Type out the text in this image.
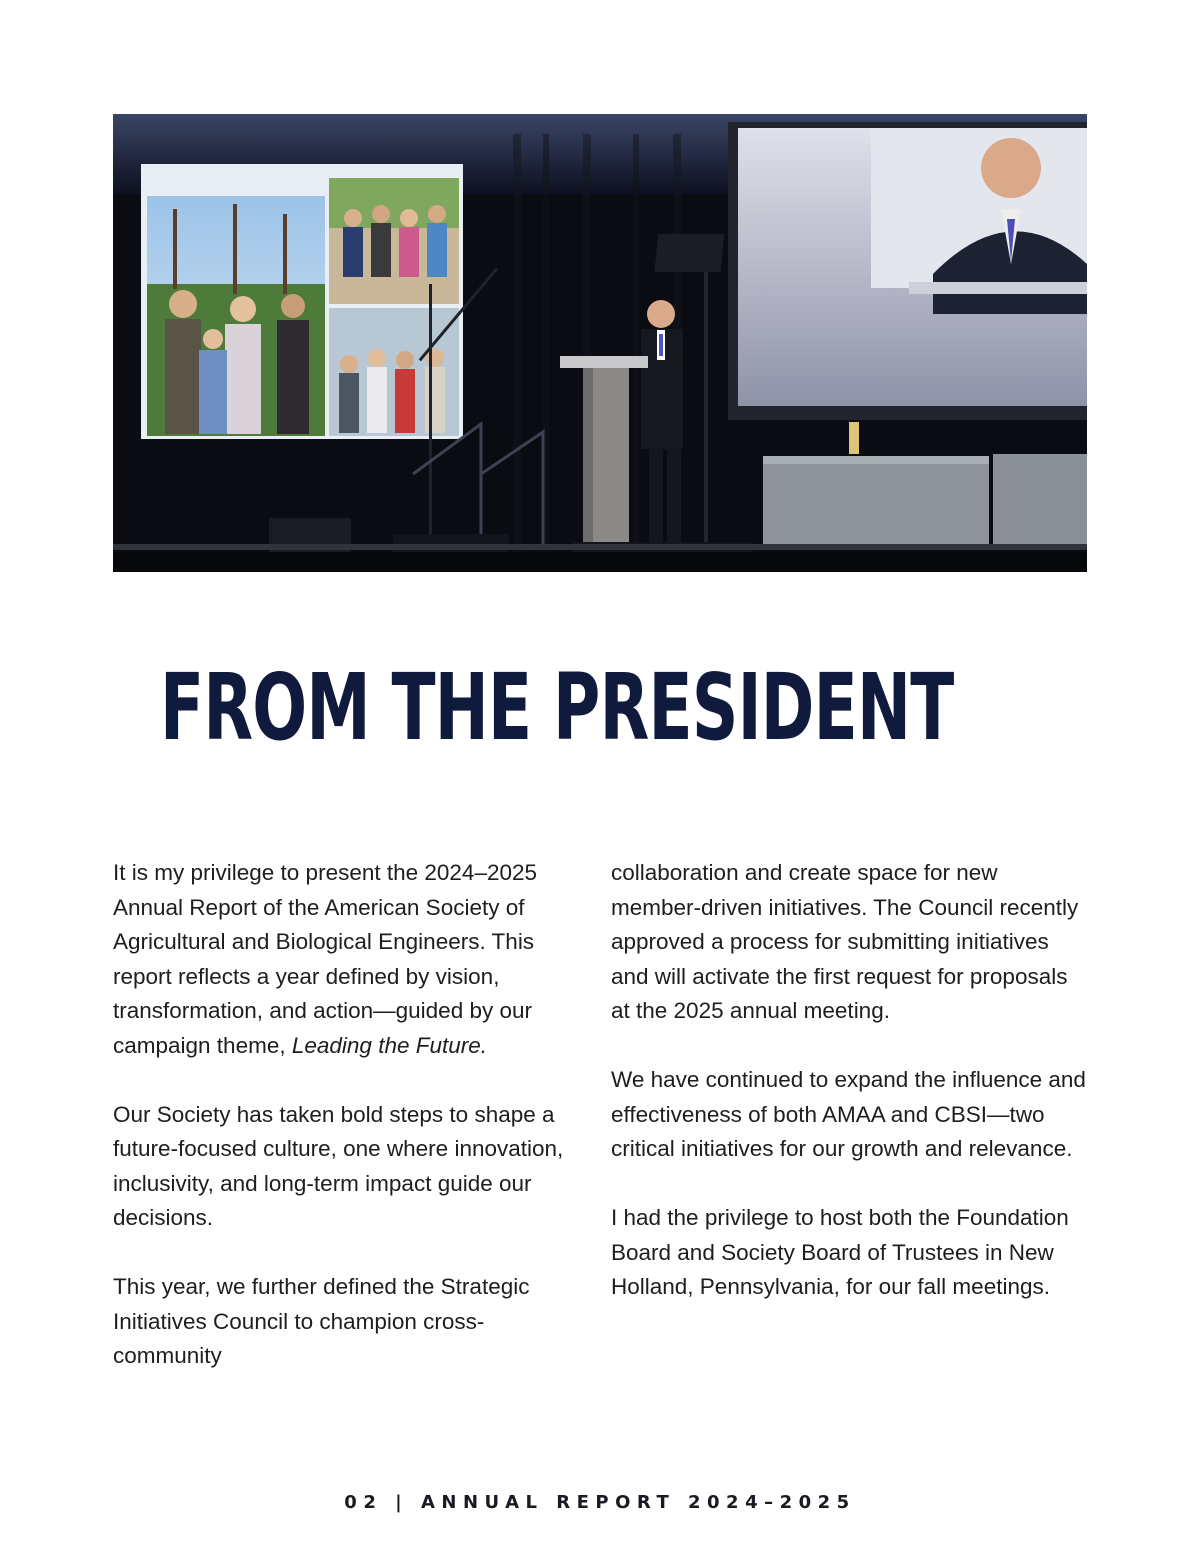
FROM THE PRESIDENT

It is my privilege to present the 2024–2025 Annual Report of the American Society of Agricultural and Biological Engineers. This report reflects a year defined by vision, transformation, and action—guided by our campaign theme, Leading the Future.

Our Society has taken bold steps to shape a future-focused culture, one where innovation, inclusivity, and long-term impact guide our decisions.

This year, we further defined the Strategic Initiatives Council to champion cross-community

collaboration and create space for new member-driven initiatives. The Council recently approved a process for submitting initiatives and will activate the first request for proposals at the 2025 annual meeting.

We have continued to expand the influence and effectiveness of both AMAA and CBSI—two critical initiatives for our growth and relevance.

I had the privilege to host both the Foundation Board and Society Board of Trustees in New Holland, Pennsylvania, for our fall meetings.

02 | ANNUAL REPORT 2024–2025
